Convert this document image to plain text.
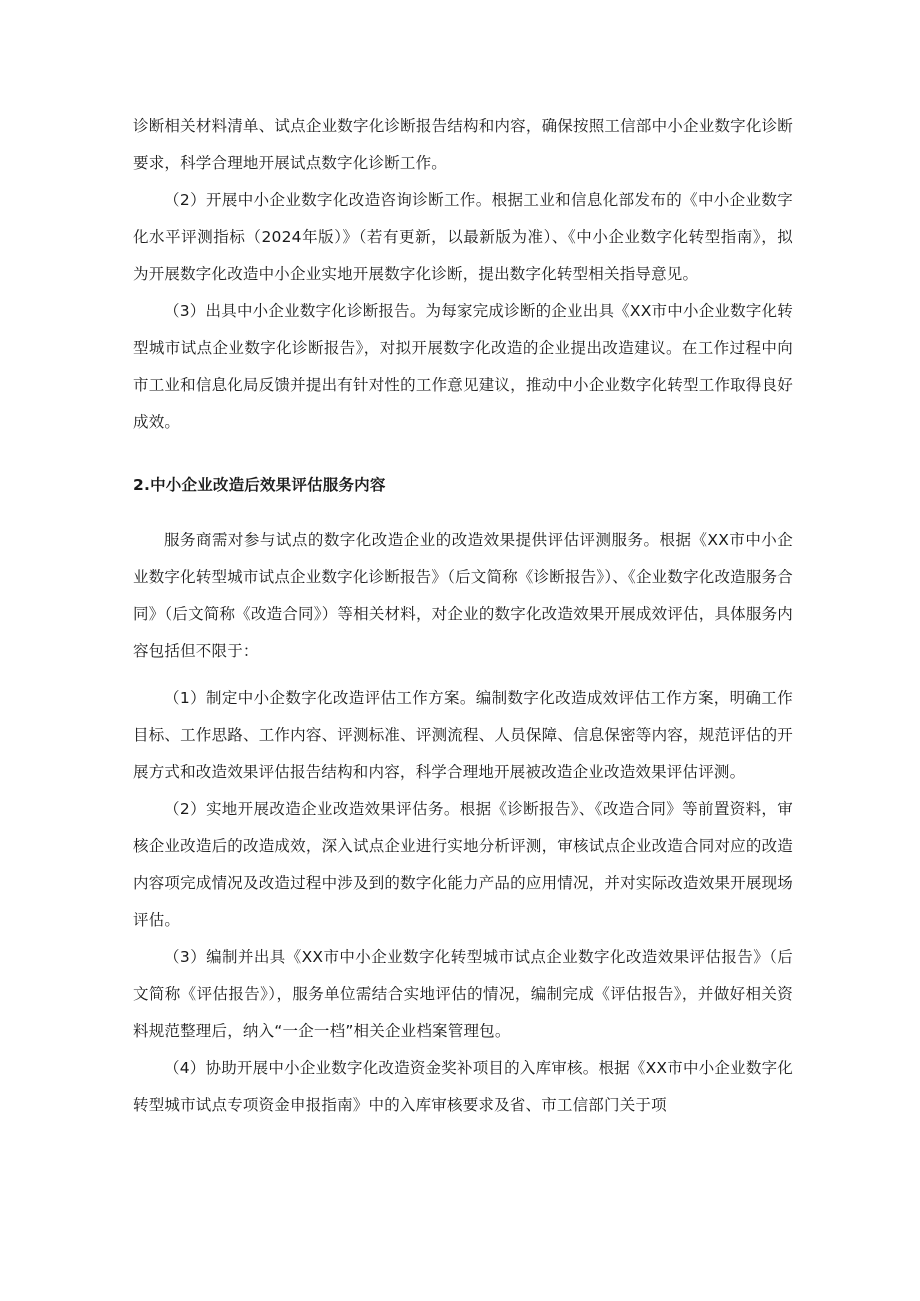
诊断相关材料清单、试点企业数字化诊断报告结构和内容，确保按照工信部中小企业数字化诊断要求，科学合理地开展试点数字化诊断工作。

（2）开展中小企业数字化改造咨询诊断工作。根据工业和信息化部发布的《中小企业数字化水平评测指标（2024年版）》（若有更新，以最新版为准）、《中小企业数字化转型指南》，拟为开展数字化改造中小企业实地开展数字化诊断，提出数字化转型相关指导意见。

（3）出具中小企业数字化诊断报告。为每家完成诊断的企业出具《XX市中小企业数字化转型城市试点企业数字化诊断报告》，对拟开展数字化改造的企业提出改造建议。在工作过程中向市工业和信息化局反馈并提出有针对性的工作意见建议，推动中小企业数字化转型工作取得良好成效。

2.中小企业改造后效果评估服务内容

服务商需对参与试点的数字化改造企业的改造效果提供评估评测服务。根据《XX市中小企业数字化转型城市试点企业数字化诊断报告》（后文简称《诊断报告》）、《企业数字化改造服务合同》（后文简称《改造合同》）等相关材料，对企业的数字化改造效果开展成效评估，具体服务内容包括但不限于：

（1）制定中小企数字化改造评估工作方案。编制数字化改造成效评估工作方案，明确工作目标、工作思路、工作内容、评测标准、评测流程、人员保障、信息保密等内容，规范评估的开展方式和改造效果评估报告结构和内容，科学合理地开展被改造企业改造效果评估评测。

（2）实地开展改造企业改造效果评估务。根据《诊断报告》、《改造合同》等前置资料，审核企业改造后的改造成效，深入试点企业进行实地分析评测，审核试点企业改造合同对应的改造内容项完成情况及改造过程中涉及到的数字化能力产品的应用情况，并对实际改造效果开展现场评估。

（3）编制并出具《XX市中小企业数字化转型城市试点企业数字化改造效果评估报告》（后文简称《评估报告》），服务单位需结合实地评估的情况，编制完成《评估报告》，并做好相关资料规范整理后，纳入“一企一档”相关企业档案管理包。

（4）协助开展中小企业数字化改造资金奖补项目的入库审核。根据《XX市中小企业数字化转型城市试点专项资金申报指南》中的入库审核要求及省、市工信部门关于项
